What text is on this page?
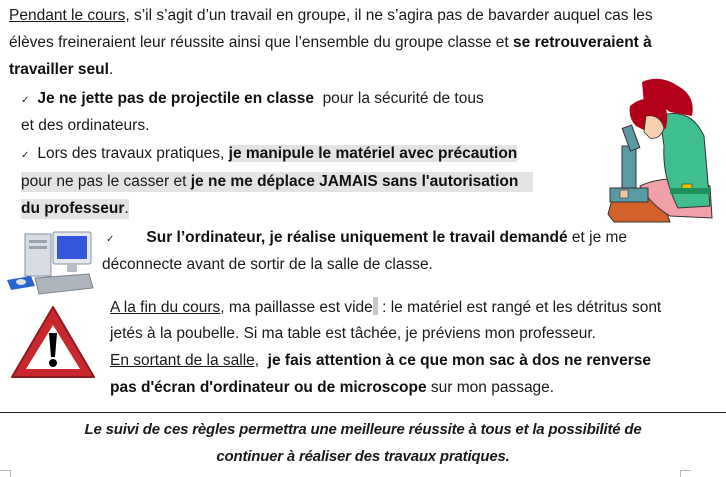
Pendant le cours, s’il s’agit d’un travail en groupe, il ne s’agira pas de bavarder auquel cas les
élèves freineraient leur réussite ainsi que l’ensemble du groupe classe et se retrouveraient à
travailler seul.
✓ Je ne jette pas de projectile en classe  pour la sécurité de tous
et des ordinateurs.
✓ Lors des travaux pratiques, je manipule le matériel avec précaution
pour ne pas le casser et je ne me déplace JAMAIS sans l'autorisation
du professeur.
✓ Sur l’ordinateur, je réalise uniquement le travail demandé et je me
déconnecte avant de sortir de la salle de classe.
A la fin du cours, ma paillasse est vide : le matériel est rangé et les détritus sont
jetés à la poubelle. Si ma table est tâchée, je préviens mon professeur.
En sortant de la salle,  je fais attention à ce que mon sac à dos ne renverse
pas d'écran d'ordinateur ou de microscope sur mon passage.
Le suivi de ces règles permettra une meilleure réussite à tous et la possibilité de
continuer à réaliser des travaux pratiques.
